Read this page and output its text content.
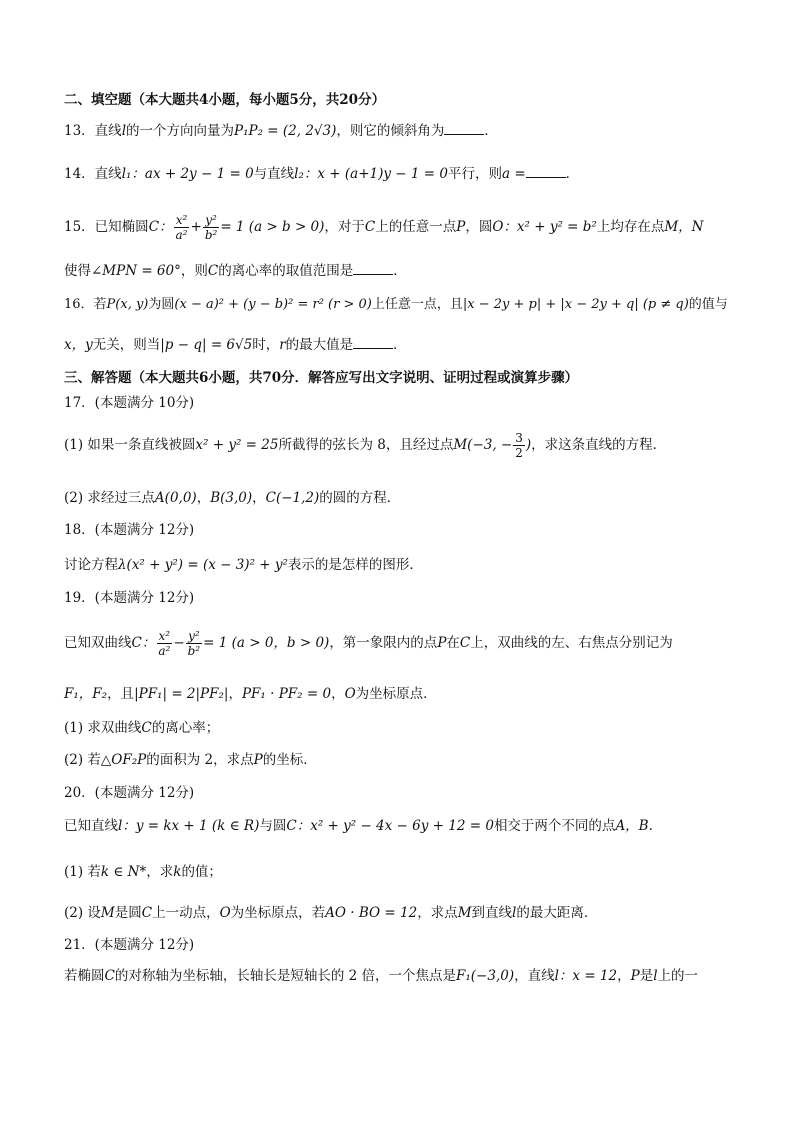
二、填空题（本大题共4小题，每小题5分，共20分）
13．直线l的一个方向向量为P₁P₂ = (2, 2√3)，则它的倾斜角为	．
14．直线l₁：ax + 2y − 1 = 0与直线l₂：x + (a+1)y − 1 = 0平行，则a =	．
15．已知椭圆C： $\frac{\text{x²}}{\text{a²}} + \frac{\text{y²}}{\text{b²}} = 1$ (a > b > 0)，对于C上的任意一点P，圆O：x² + y² = b²上均存在点M，N
使得∠MPN = 60°，则C的离心率的取值范围是	．
16．若P(x, y)为圆(x − a)² + (y − b)² = r² (r > 0)上任意一点，且|x − 2y + p| + |x − 2y + q| (p ≠ q)的值与
x，y无关，则当|p − q| = 6√5时，r的最大值是	．
三、解答题（本大题共6小题，共70分．解答应写出文字说明、证明过程或演算步骤）
17．(本题满分 10分)
(1) 如果一条直线被圆x² + y² = 25所截得的弦长为 8，且经过点M(−3, − $\frac{3}{2}$ )，求这条直线的方程．
(2) 求经过三点A(0,0)，B(3,0)，C(−1,2)的圆的方程．
18．(本题满分 12分)
讨论方程λ(x² + y²) = (x − 3)² + y²表示的是怎样的图形．
19．(本题满分 12分)
已知双曲线C： $\frac{\text{x²}}{\text{a²}} - \frac{\text{y²}}{\text{b²}} = 1$ (a > 0，b > 0)，第一象限内的点P在C上，双曲线的左、右焦点分别记为
F₁，F₂，且|PF₁| = 2|PF₂|，PF₁ · PF₂ = 0，O为坐标原点．
(1) 求双曲线C的离心率；
(2) 若△OF₂P的面积为 2，求点P的坐标．
20．(本题满分 12分)
已知直线l：y = kx + 1 (k ∈ R)与圆C：x² + y² − 4x − 6y + 12 = 0相交于两个不同的点A，B．
(1) 若k ∈ N*，求k的值；
(2) 设M是圆C上一动点，O为坐标原点，若AO · BO = 12，求点M到直线l的最大距离．
21．(本题满分 12分)
若椭圆C的对称轴为坐标轴，长轴长是短轴长的 2 倍，一个焦点是F₁(−3,0)，直线l：x = 12，P是l上的一
